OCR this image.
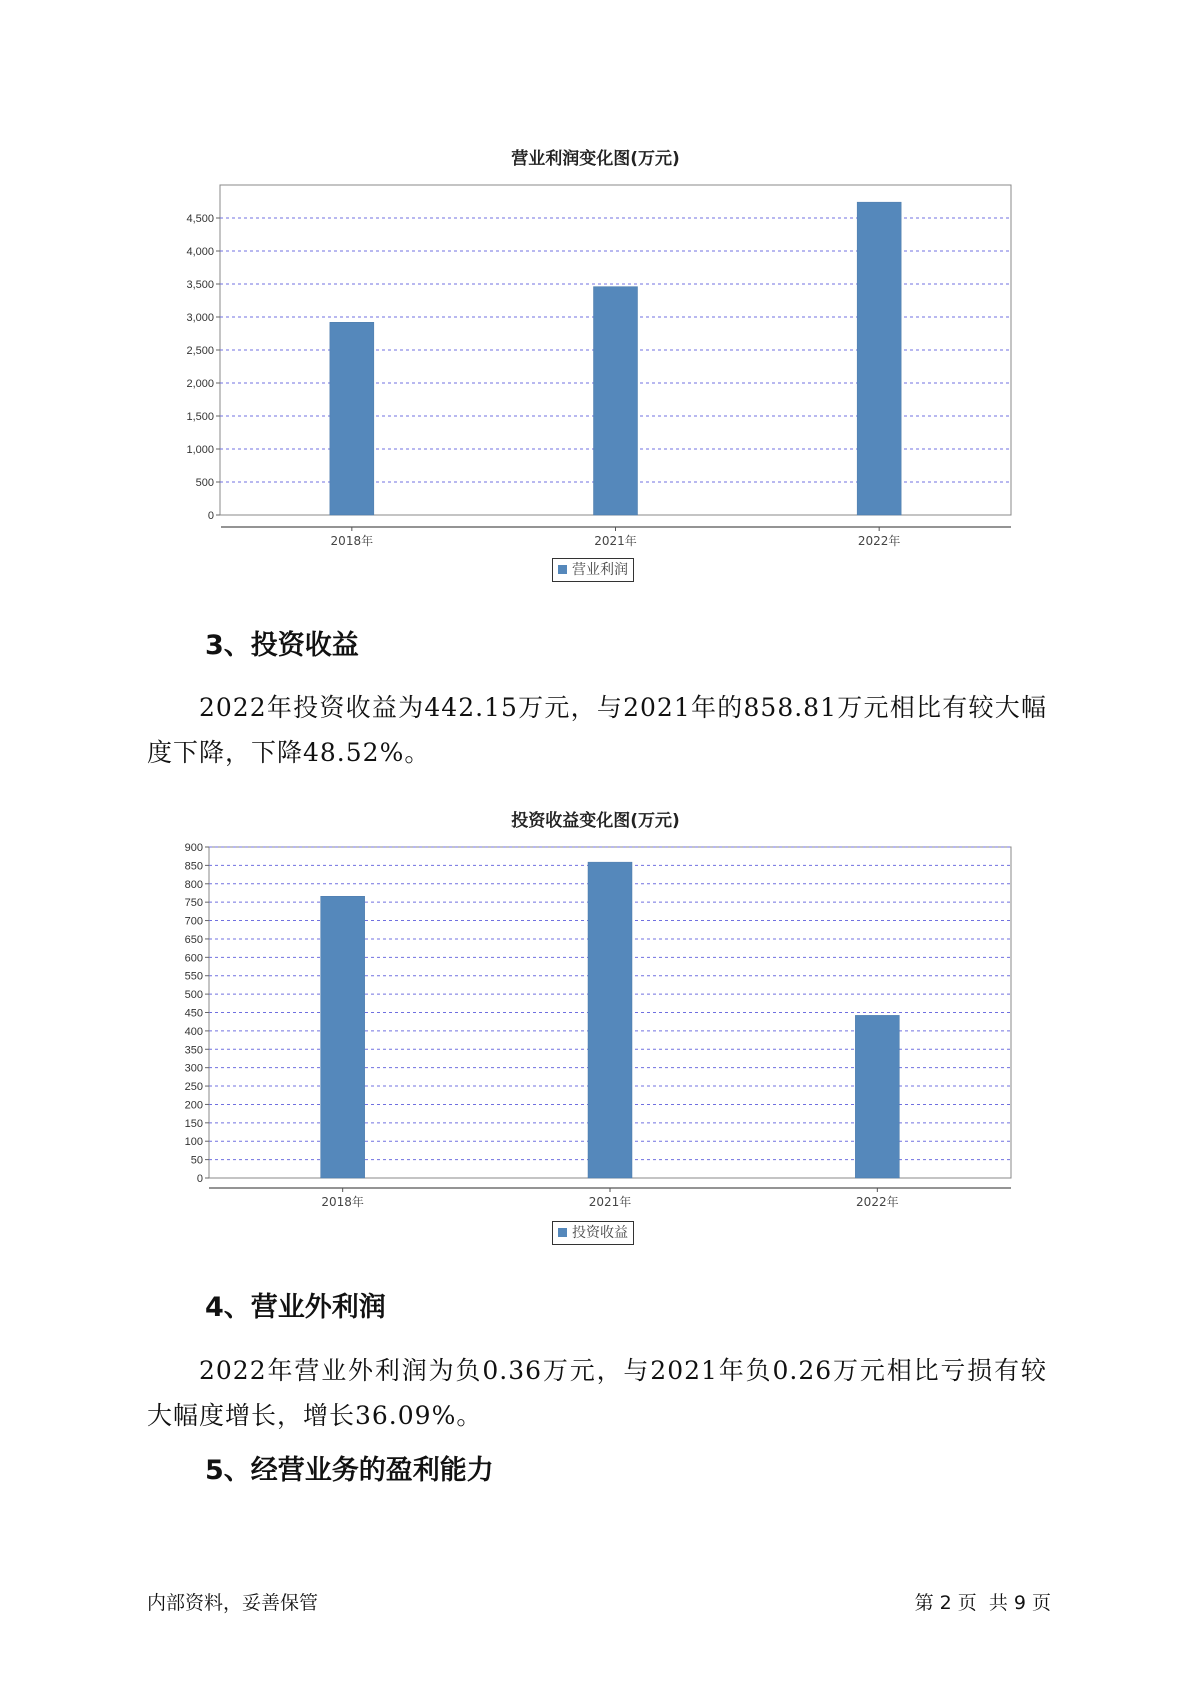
营业利润变化图(万元)
0
500
1,000
1,500
2,000
2,500
3,000
3,500
4,000
4,500
2018年	2021年	2022年
营业利润
3、投资收益
2022年投资收益为442.15万元，与2021年的858.81万元相比有较大幅度下降，下降48.52%。
投资收益变化图(万元)
0
50
100
150
200
250
300
350
400
450
500
550
600
650
700
750
800
850
900
2018年	2021年	2022年
投资收益
4、营业外利润
2022年营业外利润为负0.36万元，与2021年负0.26万元相比亏损有较大幅度增长，增长36.09%。
5、经营业务的盈利能力
内部资料，妥善保管	第 2 页  共 9 页
